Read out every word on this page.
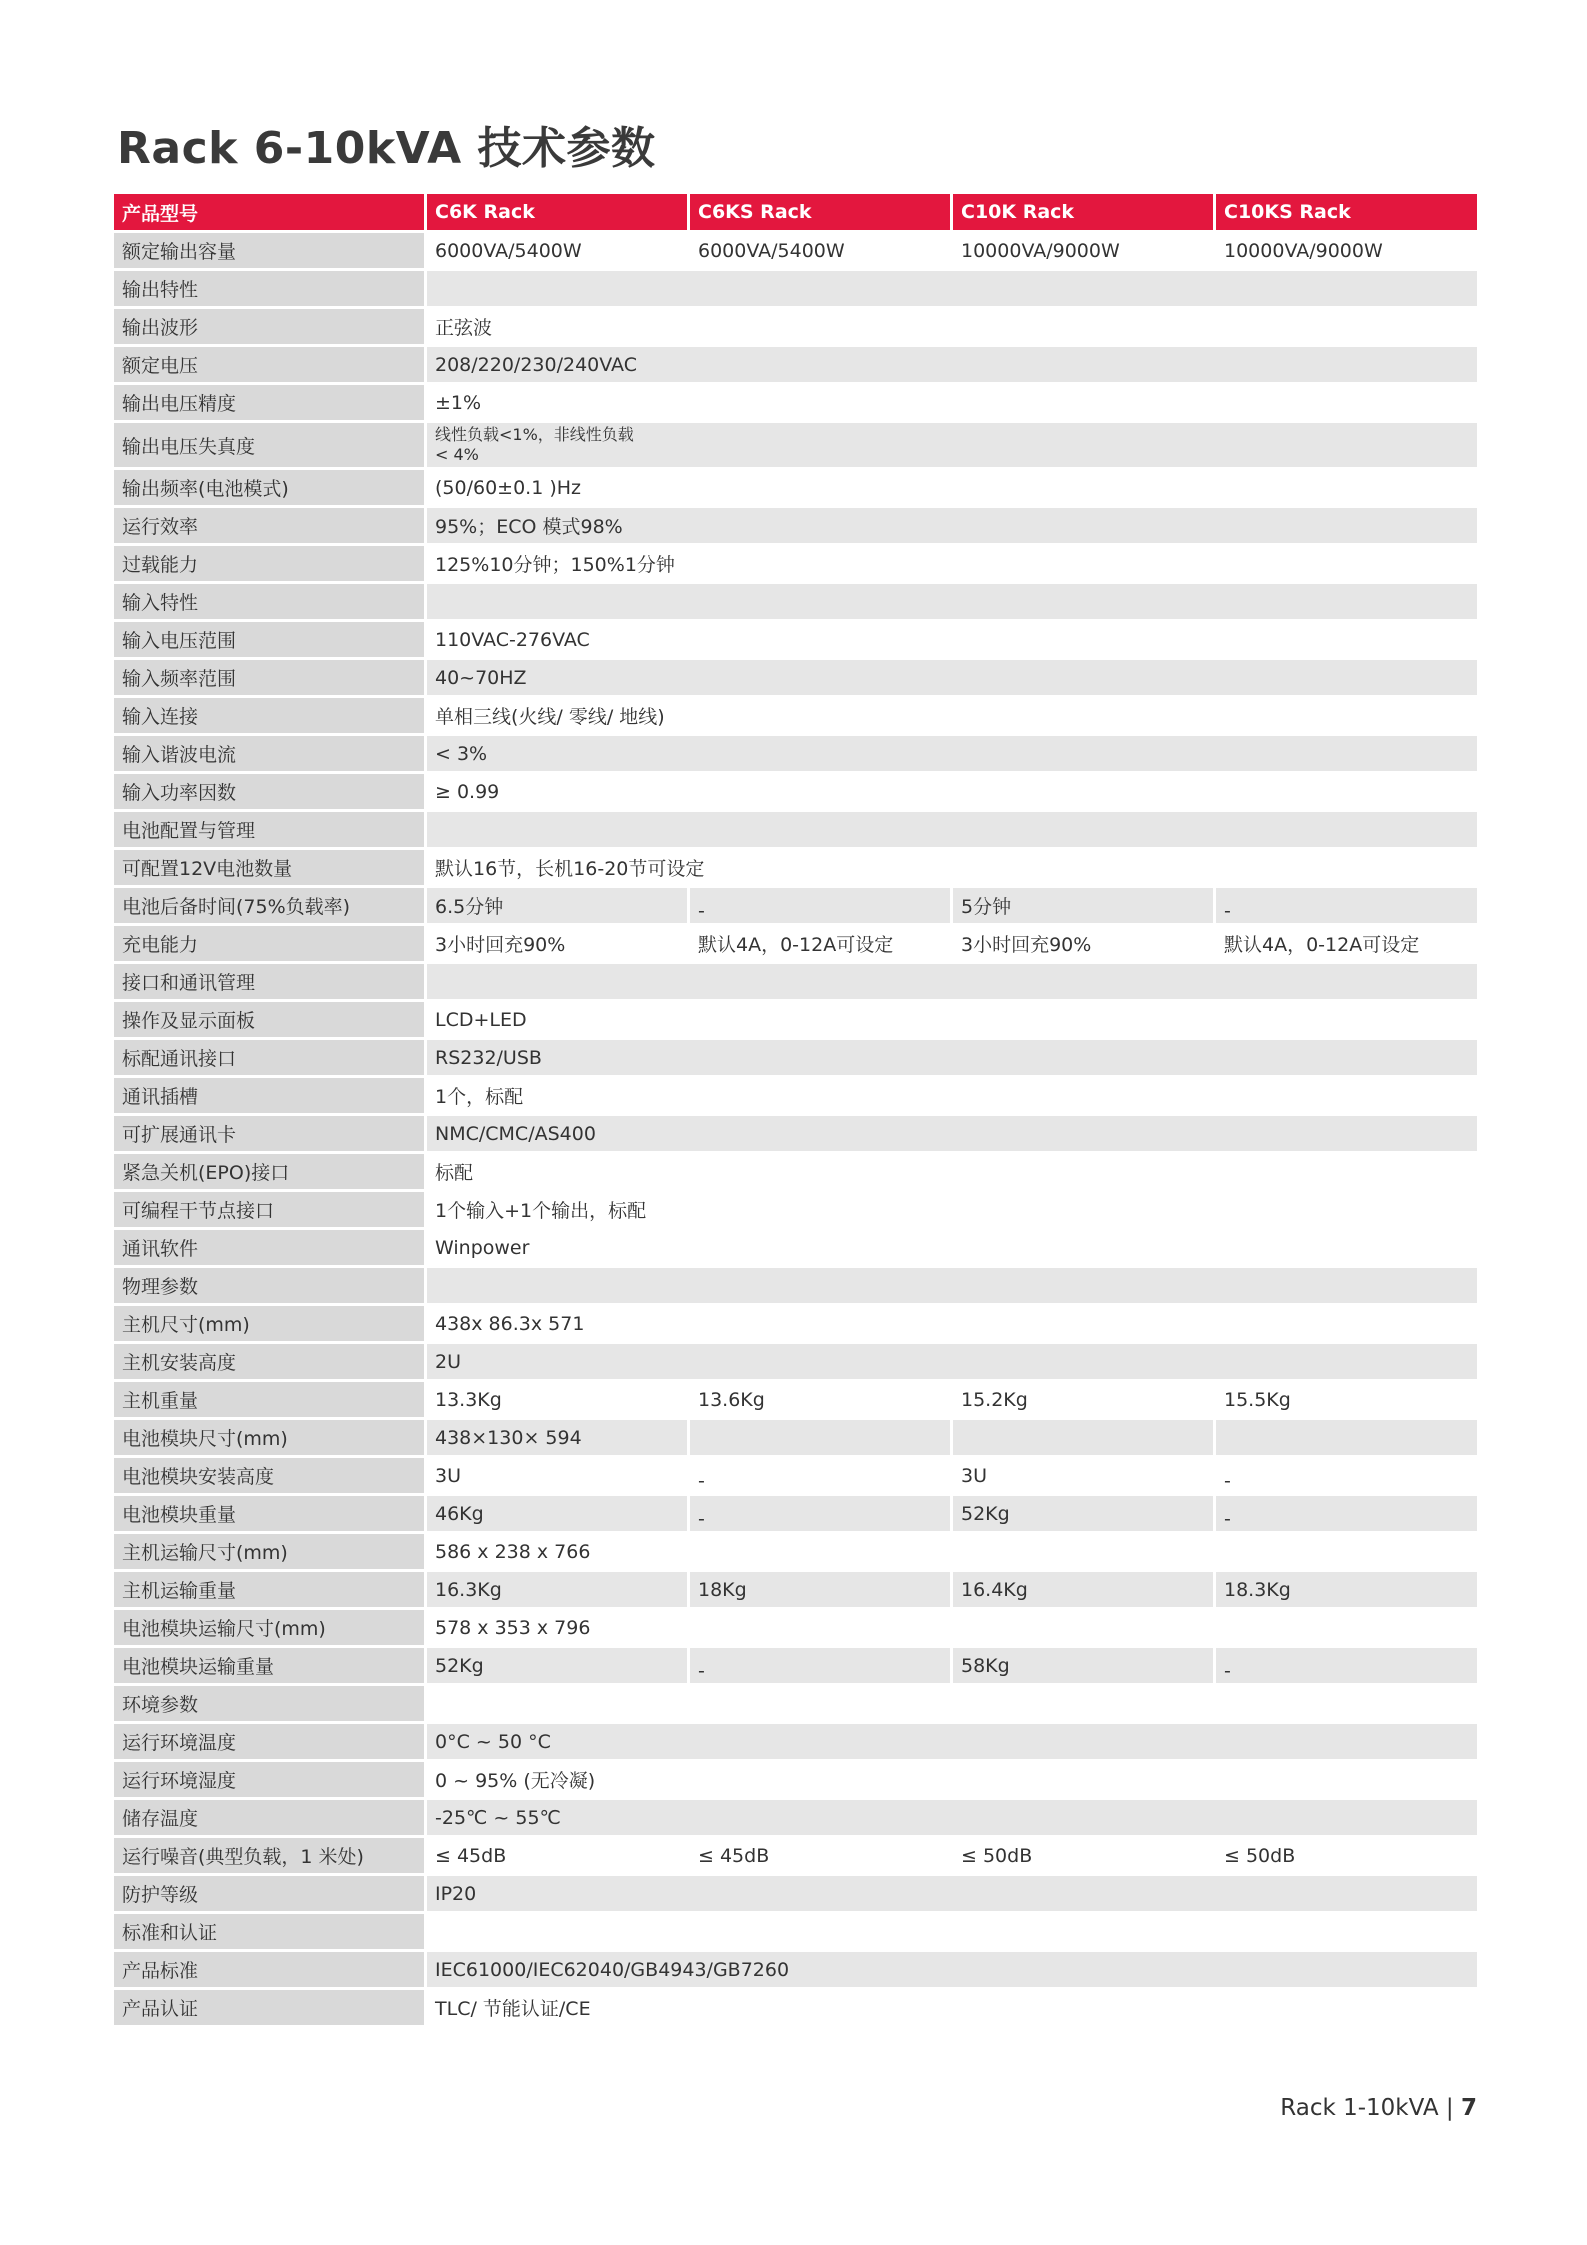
Rack 6-10kVA 技术参数
产品型号	C6K Rack	C6KS Rack	C10K Rack	C10KS Rack
额定输出容量	6000VA/5400W	6000VA/5400W	10000VA/9000W	10000VA/9000W
输出特性				
输出波形	正弦波			
额定电压	208/220/230/240VAC			
输出电压精度	±1%			
输出电压失真度	线性负载<1%，非线性负载
< 4%			

输出频率(电池模式)	(50/60±0.1 )Hz			
运行效率	95%；ECO 模式98%			
过载能力	125%10分钟；150%1分钟			
输入特性				
输入电压范围	110VAC-276VAC			
输入频率范围	40~70HZ			
输入连接	单相三线(火线/ 零线/ 地线)			
输入谐波电流	< 3%			
输入功率因数	≥ 0.99			
电池配置与管理				
可配置12V电池数量	默认16节，长机16-20节可设定			
电池后备时间(75%负载率)	6.5分钟	-	5分钟	-
充电能力	3小时回充90%	默认4A，0-12A可设定	3小时回充90%	默认4A，0-12A可设定
接口和通讯管理				
操作及显示面板	LCD+LED			
标配通讯接口	RS232/USB			
通讯插槽	1个，标配			
可扩展通讯卡	NMC/CMC/AS400			
紧急关机(EPO)接口	标配			
可编程干节点接口	1个输入+1个输出，标配			
通讯软件	Winpower			
物理参数				
主机尺寸(mm)	438x 86.3x 571			
主机安装高度	2U			
主机重量	13.3Kg	13.6Kg	15.2Kg	15.5Kg
电池模块尺寸(mm)	438×130× 594			
电池模块安装高度	3U	-	3U	-
电池模块重量	46Kg	-	52Kg	-
主机运输尺寸(mm)	586 x 238 x 766			
主机运输重量	16.3Kg	18Kg	16.4Kg	18.3Kg
电池模块运输尺寸(mm)	578 x 353 x 796			
电池模块运输重量	52Kg	-	58Kg	-
环境参数				
运行环境温度	0°C ~ 50 °C			
运行环境湿度	0 ~ 95% (无冷凝)			
储存温度	-25℃ ~ 55℃			
运行噪音(典型负载，1 米处)	≤ 45dB	≤ 45dB	≤ 50dB	≤ 50dB
防护等级	IP20			
标准和认证				
产品标准	IEC61000/IEC62040/GB4943/GB7260			
产品认证	TLC/ 节能认证/CE			
Rack 1-10kVA | 7
